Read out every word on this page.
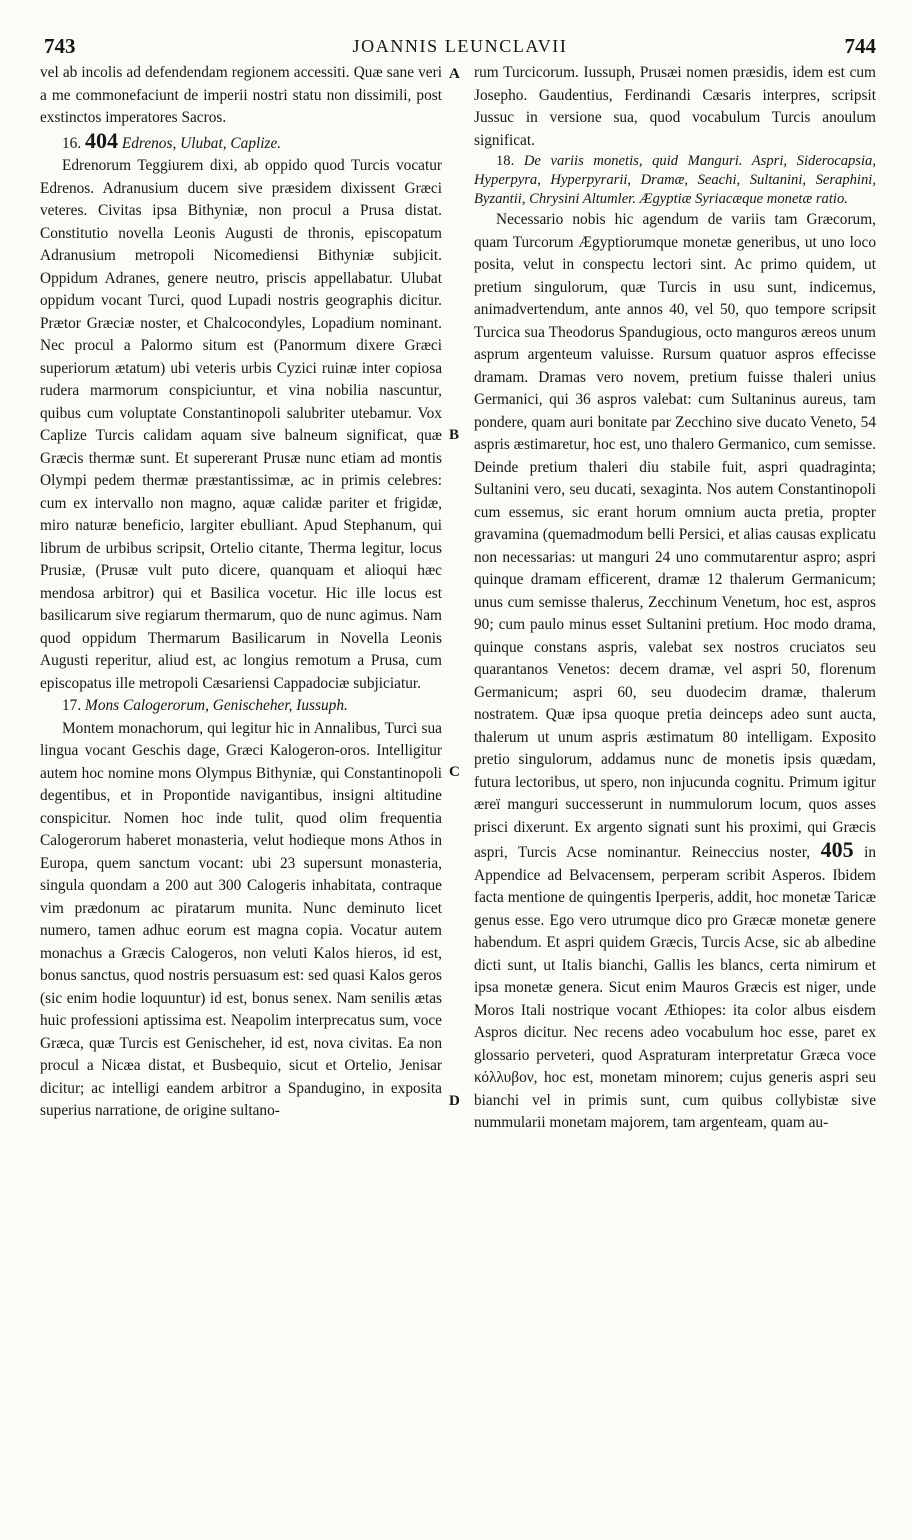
743	JOANNIS LEUNCLAVII	744

vel ab incolis ad defendendam regionem accessiti. Quæ sane veri a me commonefaciunt de imperii nostri statu non dissimili, post exstinctos imperatores Sacros.

16. 404 Edrenos, Ulubat, Caplize.

Edrenorum Teggiurem dixi, ab oppido quod Turcis vocatur Edrenos. Adranusium ducem sive præsidem dixissent Græci veteres. Civitas ipsa Bithyniæ, non procul a Prusa distat. Constitutio novella Leonis Augusti de thronis, episcopatum Adranusium metropoli Nicomediensi Bithyniæ subjicit. Oppidum Adranes, genere neutro, priscis appellabatur. Ulubat oppidum vocant Turci, quod Lupadi nostris geographis dicitur. Prætor Græciæ noster, et Chalcocondyles, Lopadium nominant. Nec procul a Palormo situm est (Panormum dixere Græci superiorum ætatum) ubi veteris urbis Cyzici ruinæ inter copiosa rudera marmorum conspiciuntur, et vina nobilia nascuntur, quibus cum voluptate Constantinopoli salubriter utebamur. Vox Caplize Turcis calidam aquam sive balneum significat, quæ Græcis thermæ sunt. Et supererant Prusæ nunc etiam ad montis Olympi pedem thermæ præstantissimæ, ac in primis celebres: cum ex intervallo non magno, aquæ calidæ pariter et frigidæ, miro naturæ beneficio, largiter ebulliant. Apud Stephanum, qui librum de urbibus scripsit, Ortelio citante, Therma legitur, locus Prusiæ, (Prusæ vult puto dicere, quanquam et alioqui hæc mendosa arbitror) qui et Basilica vocetur. Hic ille locus est basilicarum sive regiarum thermarum, quo de nunc agimus. Nam quod oppidum Thermarum Basilicarum in Novella Leonis Augusti reperitur, aliud est, ac longius remotum a Prusa, cum episcopatus ille metropoli Cæsariensi Cappadociæ subjiciatur.

17. Mons Calogerorum, Genischeher, Iussuph.

Montem monachorum, qui legitur hic in Annalibus, Turci sua lingua vocant Geschis dage, Græci Kalogeron-oros. Intelligitur autem hoc nomine mons Olympus Bithyniæ, qui Constantinopoli degentibus, et in Propontide navigantibus, insigni altitudine conspicitur. Nomen hoc inde tulit, quod olim frequentia Calogerorum haberet monasteria, velut hodieque mons Athos in Europa, quem sanctum vocant: ubi 23 supersunt monasteria, singula quondam a 200 aut 300 Calogeris inhabitata, contraque vim prædonum ac piratarum munita. Nunc deminuto licet numero, tamen adhuc eorum est magna copia. Vocatur autem monachus a Græcis Calogeros, non veluti Kalos hieros, id est, bonus sanctus, quod nostris persuasum est: sed quasi Kalos geros (sic enim hodie loquuntur) id est, bonus senex. Nam senilis ætas huic professioni aptissima est. Neapolim interprecatus sum, voce Græca, quæ Turcis est Genischeher, id est, nova civitas. Ea non procul a Nicæa distat, et Busbequio, sicut et Ortelio, Jenisar dicitur; ac intelligi eandem arbitror a Spandugino, in exposita superius narratione, de origine sultano-

A
B
C
D

rum Turcicorum. Iussuph, Prusæi nomen præsidis, idem est cum Josepho. Gaudentius, Ferdinandi Cæsaris interpres, scripsit Jussuc in versione sua, quod vocabulum Turcis anoulum significat.

18. De variis monetis, quid Manguri. Aspri, Siderocapsia, Hyperpyra, Hyperpyrarii, Dramæ, Seachi, Sultanini, Seraphini, Byzantii, Chrysini Altumler. Ægyptiæ Syriacæque monetæ ratio.

Necessario nobis hic agendum de variis tam Græcorum, quam Turcorum Ægyptiorumque monetæ generibus, ut uno loco posita, velut in conspectu lectori sint. Ac primo quidem, ut pretium singulorum, quæ Turcis in usu sunt, indicemus, animadvertendum, ante annos 40, vel 50, quo tempore scripsit Turcica sua Theodorus Spandugious, octo manguros æreos unum asprum argenteum valuisse. Rursum quatuor aspros effecisse dramam. Dramas vero novem, pretium fuisse thaleri unius Germanici, qui 36 aspros valebat: cum Sultaninus aureus, tam pondere, quam auri bonitate par Zecchino sive ducato Veneto, 54 aspris æstimaretur, hoc est, uno thalero Germanico, cum semisse. Deinde pretium thaleri diu stabile fuit, aspri quadraginta; Sultanini vero, seu ducati, sexaginta. Nos autem Constantinopoli cum essemus, sic erant horum omnium aucta pretia, propter gravamina (quemadmodum belli Persici, et alias causas explicatu non necessarias: ut manguri 24 uno commutarentur aspro; aspri quinque dramam efficerent, dramæ 12 thalerum Germanicum; unus cum semisse thalerus, Zecchinum Venetum, hoc est, aspros 90; cum paulo minus esset Sultanini pretium. Hoc modo drama, quinque constans aspris, valebat sex nostros cruciatos seu quarantanos Venetos: decem dramæ, vel aspri 50, florenum Germanicum; aspri 60, seu duodecim dramæ, thalerum nostratem. Quæ ipsa quoque pretia deinceps adeo sunt aucta, thalerum ut unum aspris æstimatum 80 intelligam. Exposito pretio singulorum, addamus nunc de monetis ipsis quædam, futura lectoribus, ut spero, non injucunda cognitu. Primum igitur æreï manguri successerunt in nummulorum locum, quos asses prisci dixerunt. Ex argento signati sunt his proximi, qui Græcis aspri, Turcis Acse nominantur. Reineccius noster, 405 in Appendice ad Belvacensem, perperam scribit Asperos. Ibidem facta mentione de quingentis Iperperis, addit, hoc monetæ Taricæ genus esse. Ego vero utrumque dico pro Græcæ monetæ genere habendum. Et aspri quidem Græcis, Turcis Acse, sic ab albedine dicti sunt, ut Italis bianchi, Gallis les blancs, certa nimirum et ipsa monetæ genera. Sicut enim Mauros Græcis est niger, unde Moros Itali nostrique vocant Æthiopes: ita color albus eisdem Aspros dicitur. Nec recens adeo vocabulum hoc esse, paret ex glossario perveteri, quod Aspraturam interpretatur Græca voce κόλλυβον, hoc est, monetam minorem; cujus generis aspri seu bianchi vel in primis sunt, cum quibus collybistæ sive nummularii monetam majorem, tam argenteam, quam au-
